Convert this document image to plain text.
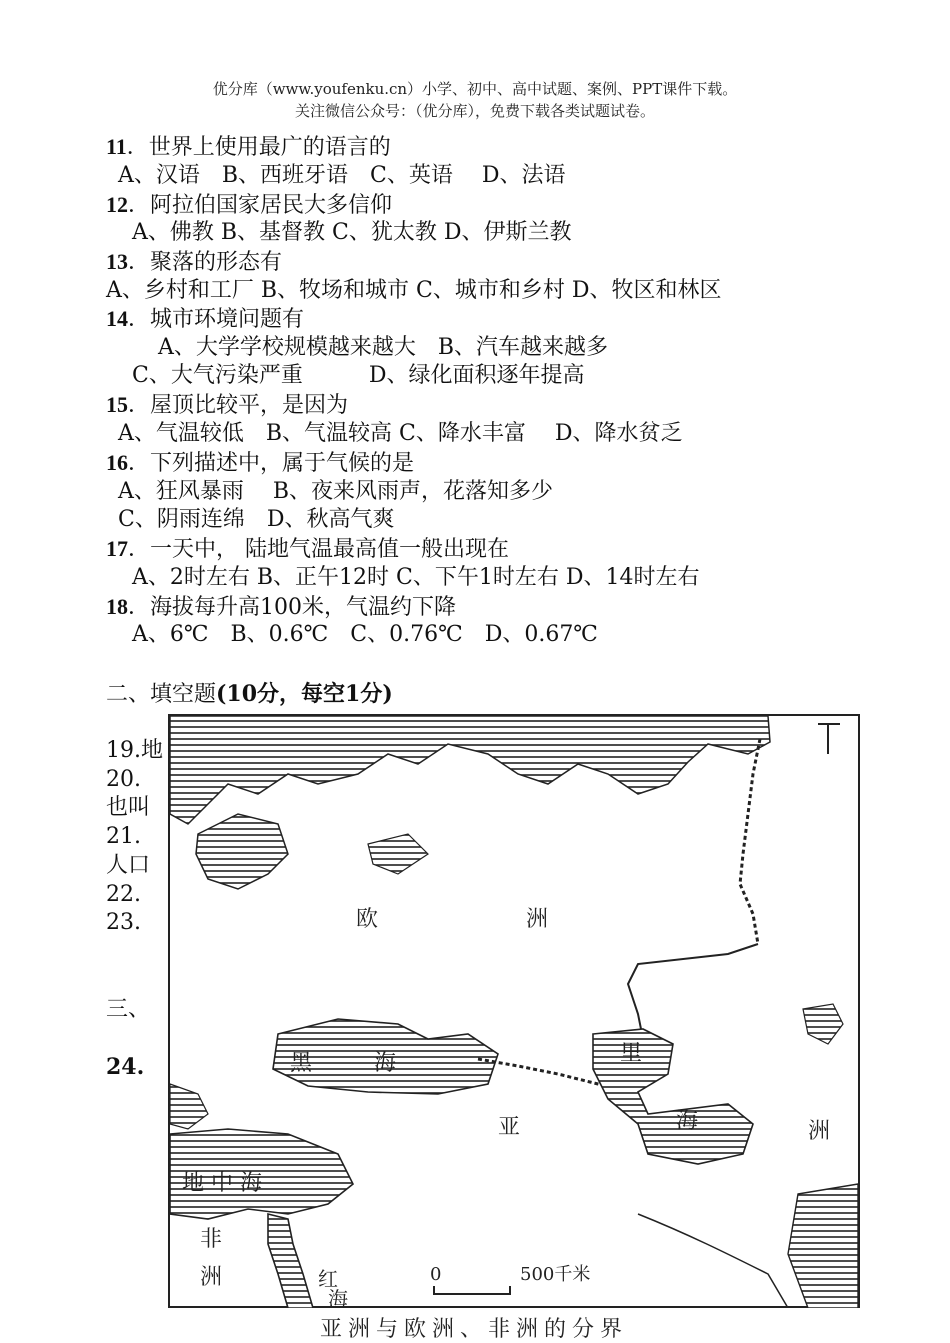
优分库（www.youfenku.cn）小学、初中、高中试题、案例、PPT课件下载。
关注微信公众号：（优分库），免费下载各类试题试卷。
11．世界上使用最广的语言的
A、汉语　B、西班牙语　C、英语　 D、法语
12．阿拉伯国家居民大多信仰
A、佛教 B、基督教 C、犹太教 D、伊斯兰教
13．聚落的形态有
A、乡村和工厂 B、牧场和城市 C、城市和乡村 D、牧区和林区
14．城市环境问题有
A、大学学校规模越来越大　B、汽车越来越多
C、大气污染严重　　　D、绿化面积逐年提高
15．屋顶比较平，是因为
A、气温较低　B、气温较高 C、降水丰富　 D、降水贫乏
16．下列描述中，属于气候的是
A、狂风暴雨　 B、夜来风雨声，花落知多少
C、阴雨连绵　D、秋高气爽
17．一天中， 陆地气温最高值一般出现在
A、2时左右 B、正午12时 C、下午1时左右 D、14时左右
18．海拔每升高100米，气温约下降
A、6℃　B、0.6℃　C、0.76℃　D、0.67℃
二、填空题(10分，每空1分)
19.地
20.
也叫
21.
人口
22.
23.
三、
24.
欧	洲
黑	海	里
海
亚	洲
地 中 海
非
洲	红
海
0	500千米
亚洲与欧洲、非洲的分界
